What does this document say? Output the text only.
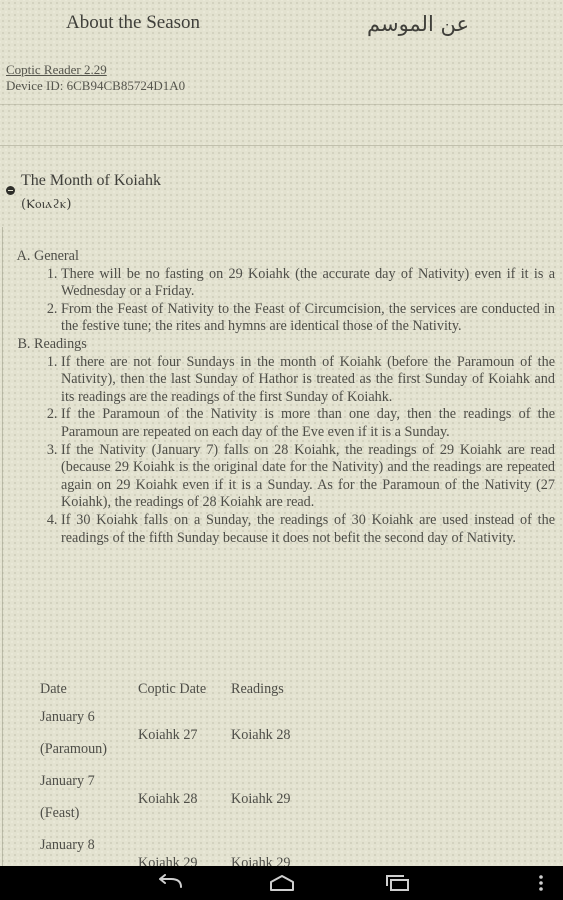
About the Season	عن الموسم
Coptic Reader 2.29
Device ID: 6CB94CB85724D1A0
The Month of Koiahk
(Ⲕⲟⲓⲁϩⲕ)
A. General
1. There will be no fasting on 29 Koiahk (the accurate day of Nativity) even if it is a Wednesday or a Friday.
2. From the Feast of Nativity to the Feast of Circumcision, the services are conducted in the festive tune; the rites and hymns are identical those of the Nativity.
B. Readings
1. If there are not four Sundays in the month of Koiahk (before the Paramoun of the Nativity), then the last Sunday of Hathor is treated as the first Sunday of Koiahk and its readings are the readings of the first Sunday of Koiahk.
2. If the Paramoun of the Nativity is more than one day, then the readings of the Paramoun are repeated on each day of the Eve even if it is a Sunday.
3. If the Nativity (January 7) falls on 28 Koiahk, the readings of 29 Koiahk are read (because 29 Koiahk is the original date for the Nativity) and the readings are repeated again on 29 Koiahk even if it is a Sunday. As for the Paramoun of the Nativity (27 Koiahk), the readings of 28 Koiahk are read.
4. If 30 Koiahk falls on a Sunday, the readings of 30 Koiahk are used instead of the readings of the fifth Sunday because it does not befit the second day of Nativity.
Date	Coptic Date	Readings

January 6
(Paramoun)	Koiahk 27	Koiahk 28

January 7
(Feast)	Koiahk 28	Koiahk 29

January 8	Koiahk 29	Koiahk 29
